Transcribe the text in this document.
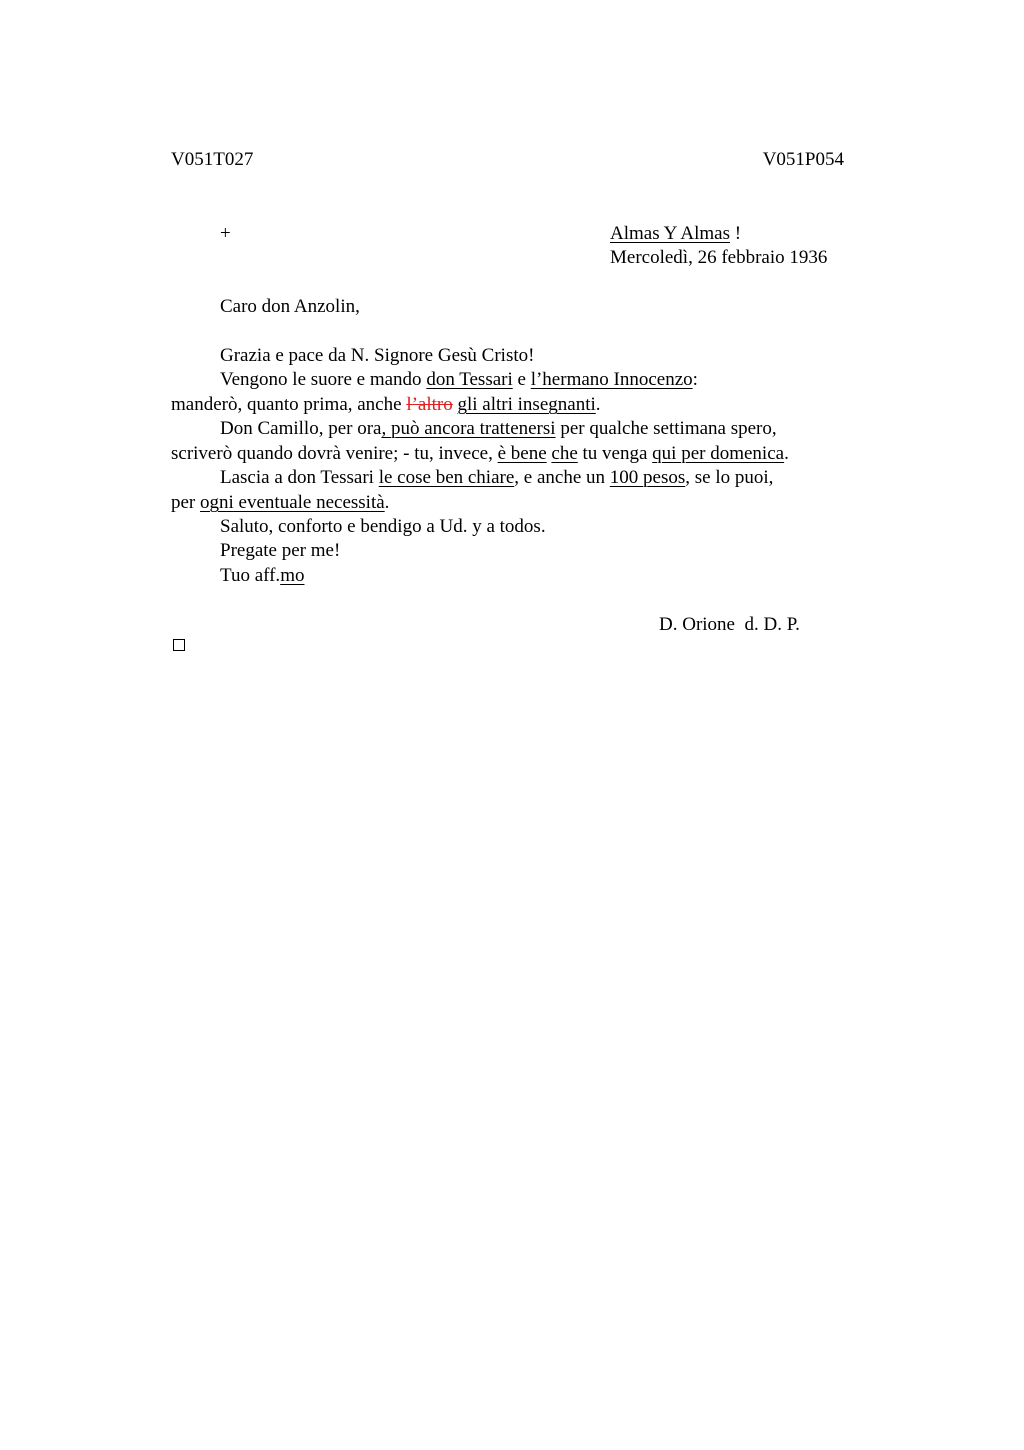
V051T027	V051P054
+	Almas Y Almas !
Mercoledì, 26 febbraio 1936
Caro don Anzolin,
Grazia e pace da N. Signore Gesù Cristo!
Vengono le suore e mando don Tessari e l’hermano Innocenzo:
manderò, quanto prima, anche l’altro gli altri insegnanti.
Don Camillo, per ora, può ancora trattenersi per qualche settimana spero,
scriverò quando dovrà venire; - tu, invece, è bene che tu venga qui per domenica.
Lascia a don Tessari le cose ben chiare, e anche un 100 pesos, se lo puoi,
per ogni eventuale necessità.
Saluto, conforto e bendigo a Ud. y a todos.
Pregate per me!
Tuo aff.mo
D. Orione  d. D. P.
